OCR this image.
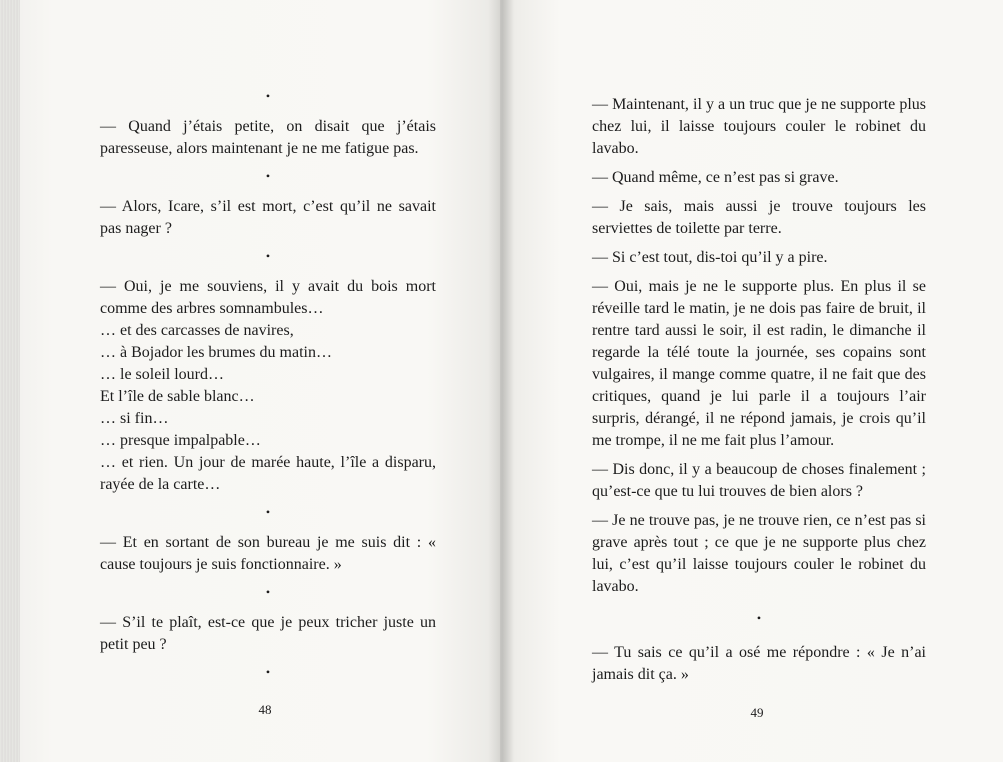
•

— Quand j’étais petite, on disait que j’étais paresseuse, alors maintenant je ne me fatigue pas.

•

— Alors, Icare, s’il est mort, c’est qu’il ne savait pas nager ?

•

— Oui, je me souviens, il y avait du bois mort comme des arbres somnambules…

… et des carcasses de navires,
… à Bojador les brumes du matin…
… le soleil lourd…
Et l’île de sable blanc…
… si fin…
… presque impalpable…

… et rien. Un jour de marée haute, l’île a disparu, rayée de la carte…

•

— Et en sortant de son bureau je me suis dit : « cause toujours je suis fonctionnaire. »

•

— S’il te plaît, est-ce que je peux tricher juste un petit peu ?

•
48

— Maintenant, il y a un truc que je ne supporte plus chez lui, il laisse toujours couler le robinet du lavabo.

— Quand même, ce n’est pas si grave.

— Je sais, mais aussi je trouve toujours les serviettes de toilette par terre.

— Si c’est tout, dis-toi qu’il y a pire.

— Oui, mais je ne le supporte plus. En plus il se réveille tard le matin, je ne dois pas faire de bruit, il rentre tard aussi le soir, il est radin, le dimanche il regarde la télé toute la journée, ses copains sont vulgaires, il mange comme quatre, il ne fait que des critiques, quand je lui parle il a toujours l’air surpris, dérangé, il ne répond jamais, je crois qu’il me trompe, il ne me fait plus l’amour.

— Dis donc, il y a beaucoup de choses finalement ; qu’est-ce que tu lui trouves de bien alors ?

— Je ne trouve pas, je ne trouve rien, ce n’est pas si grave après tout ; ce que je ne supporte plus chez lui, c’est qu’il laisse toujours couler le robinet du lavabo.

•

— Tu sais ce qu’il a osé me répondre : « Je n’ai jamais dit ça. »

49
